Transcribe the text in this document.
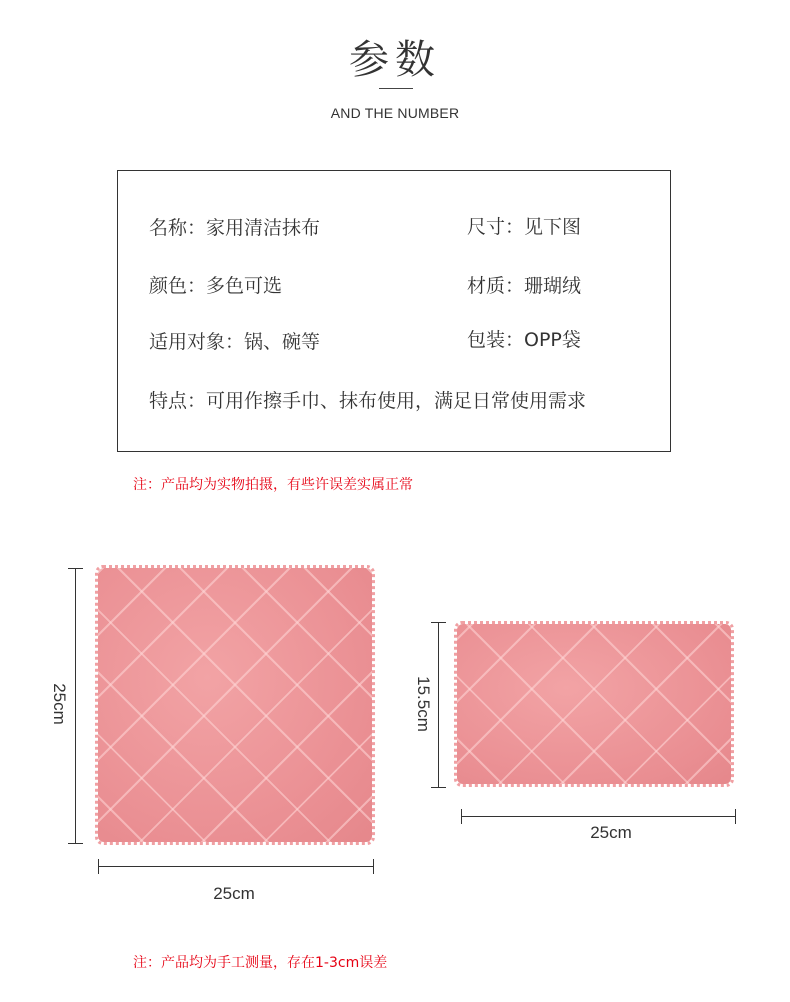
参数
AND THE NUMBER
名称：家用清洁抹布	尺寸：见下图
颜色：多色可选	材质：珊瑚绒
适用对象：锅、碗等	包装：OPP袋
特点：可用作擦手巾、抹布使用，满足日常使用需求
注：产品均为实物拍摄，有些许误差实属正常
25cm
25cm
15.5cm
25cm
注：产品均为手工测量，存在1-3cm误差
